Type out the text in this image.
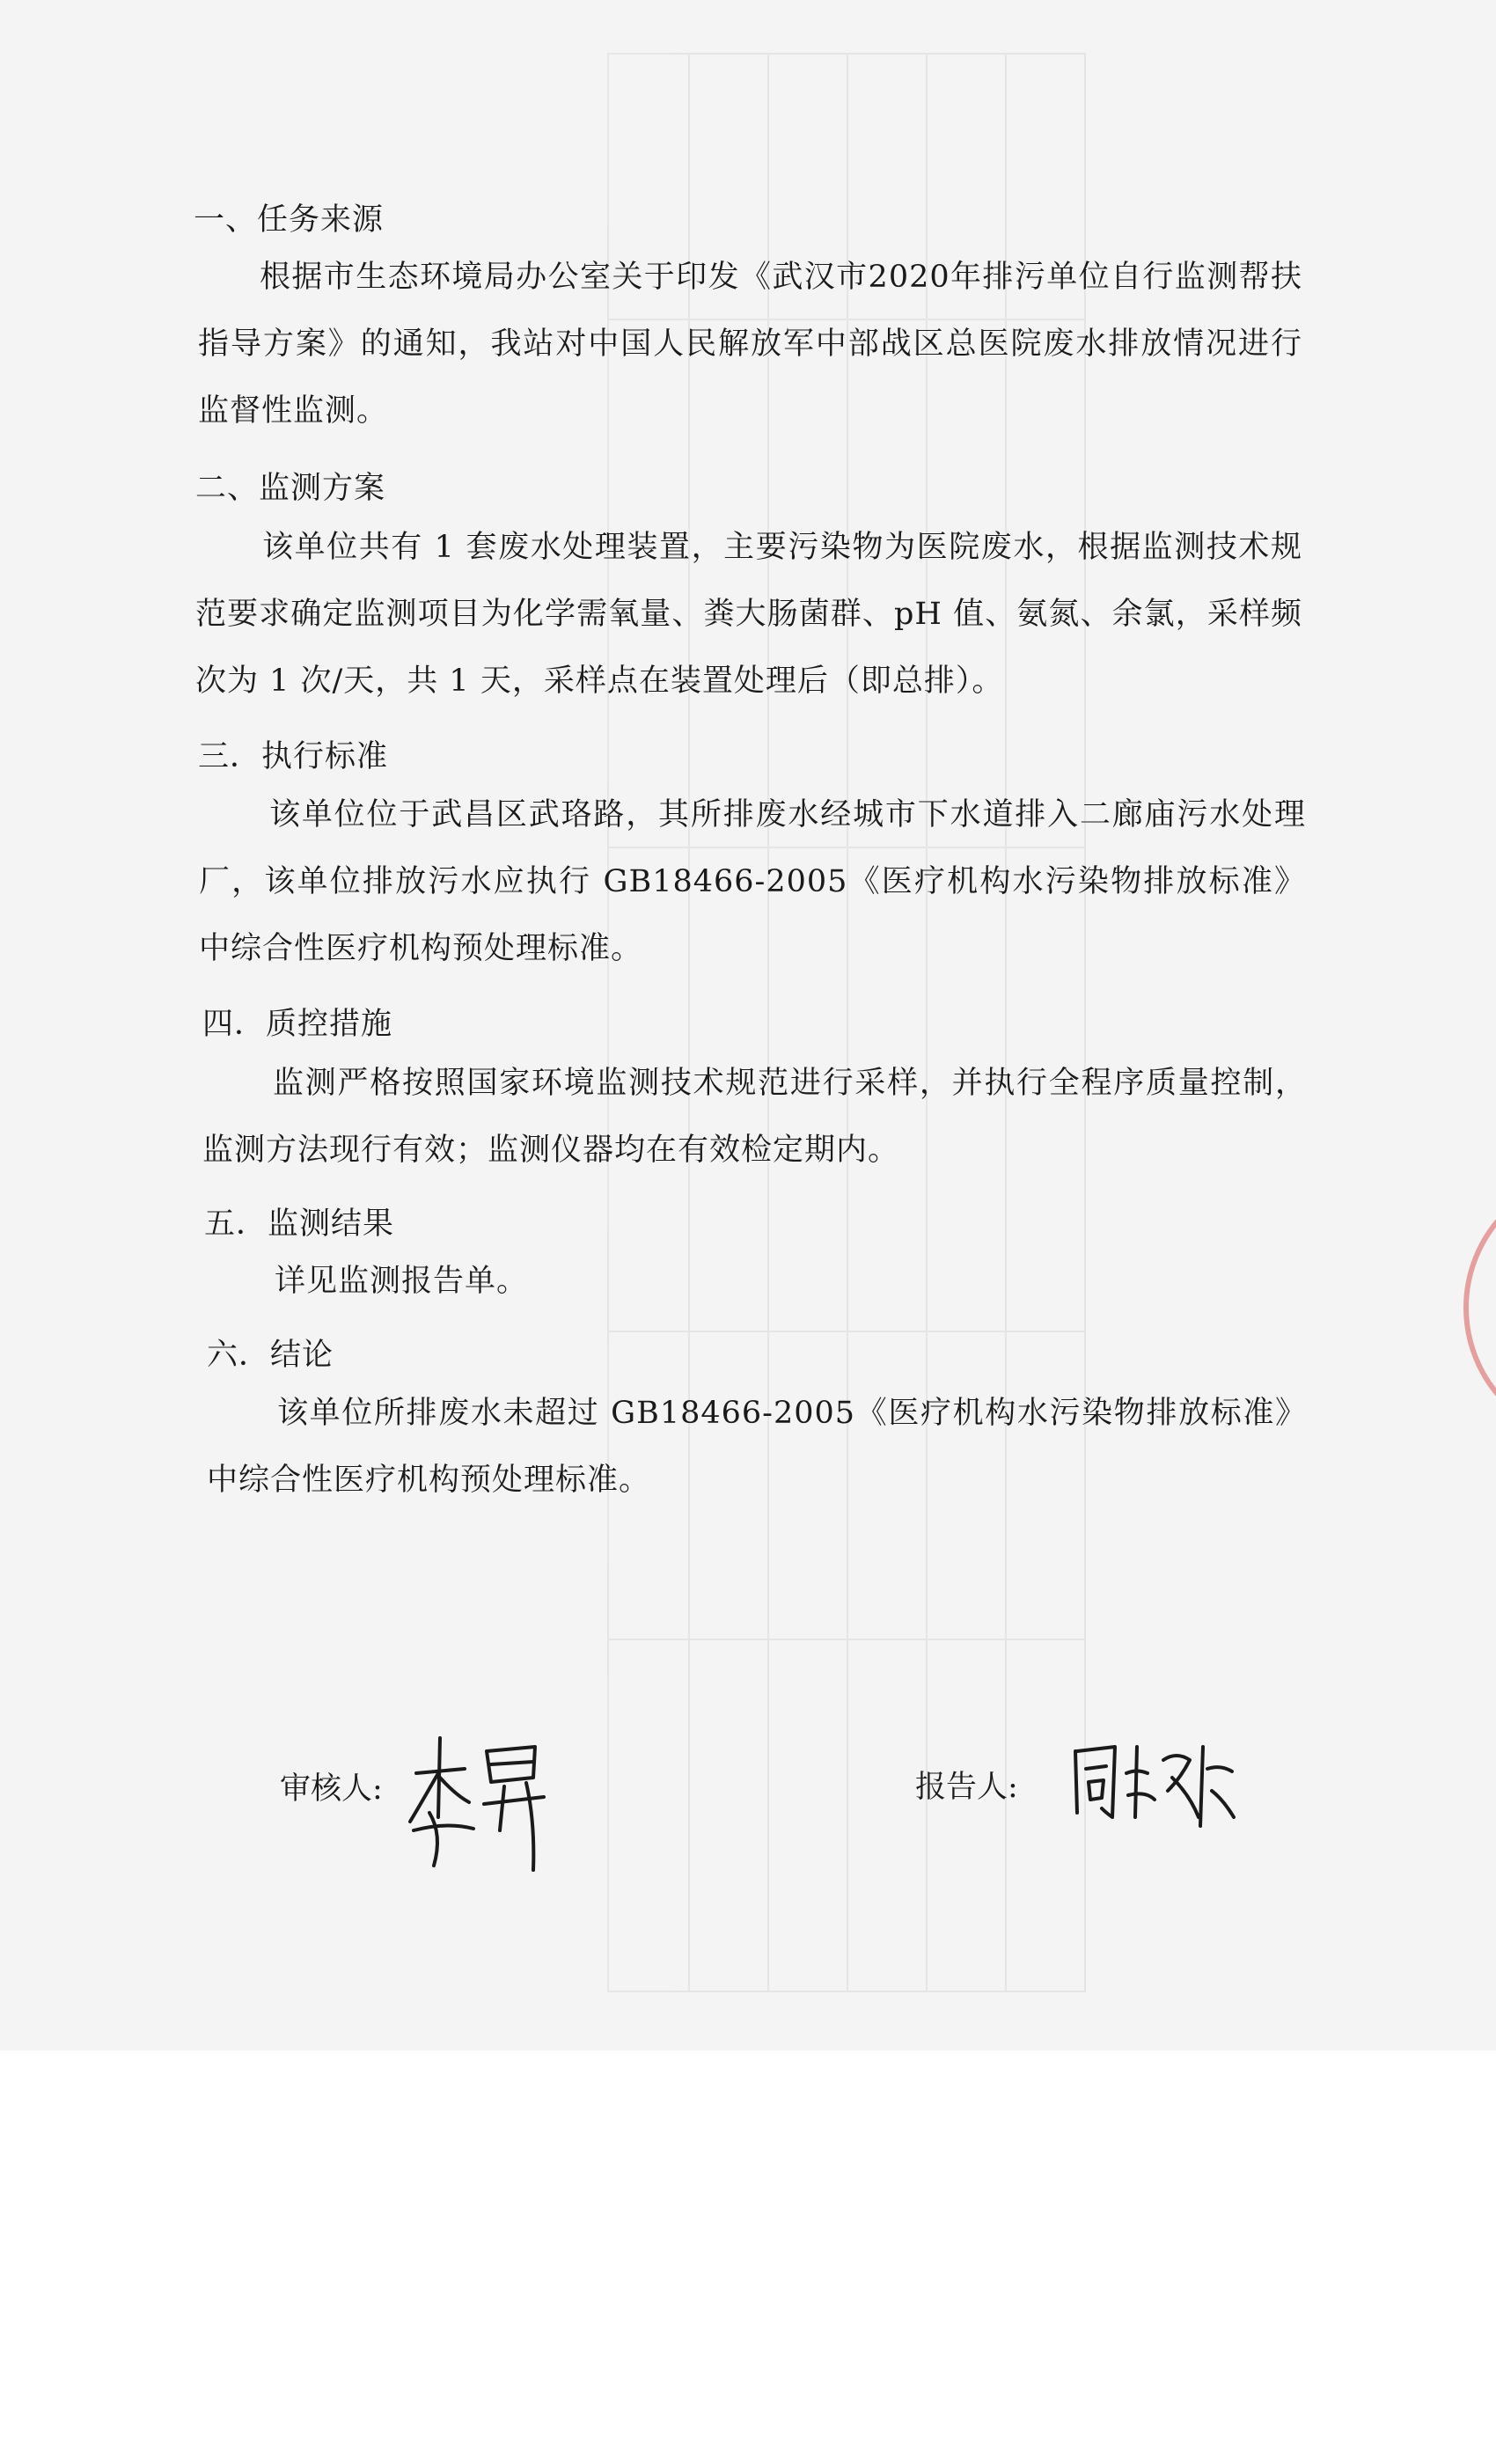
一、任务来源
根据市生态环境局办公室关于印发《武汉市2020年排污单位自行监测帮扶指导方案》的通知，我站对中国人民解放军中部战区总医院废水排放情况进行监督性监测。
二、监测方案
该单位共有 1 套废水处理装置，主要污染物为医院废水，根据监测技术规范要求确定监测项目为化学需氧量、粪大肠菌群、pH 值、氨氮、余氯，采样频次为 1 次/天，共 1 天，采样点在装置处理后（即总排）。
三．执行标准
该单位位于武昌区武珞路，其所排废水经城市下水道排入二廊庙污水处理厂，该单位排放污水应执行 GB18466-2005《医疗机构水污染物排放标准》中综合性医疗机构预处理标准。
四．质控措施
监测严格按照国家环境监测技术规范进行采样，并执行全程序质量控制，监测方法现行有效；监测仪器均在有效检定期内。
五．监测结果
详见监测报告单。
六．结论
该单位所排废水未超过 GB18466-2005《医疗机构水污染物排放标准》中综合性医疗机构预处理标准。
审核人:	报告人:
